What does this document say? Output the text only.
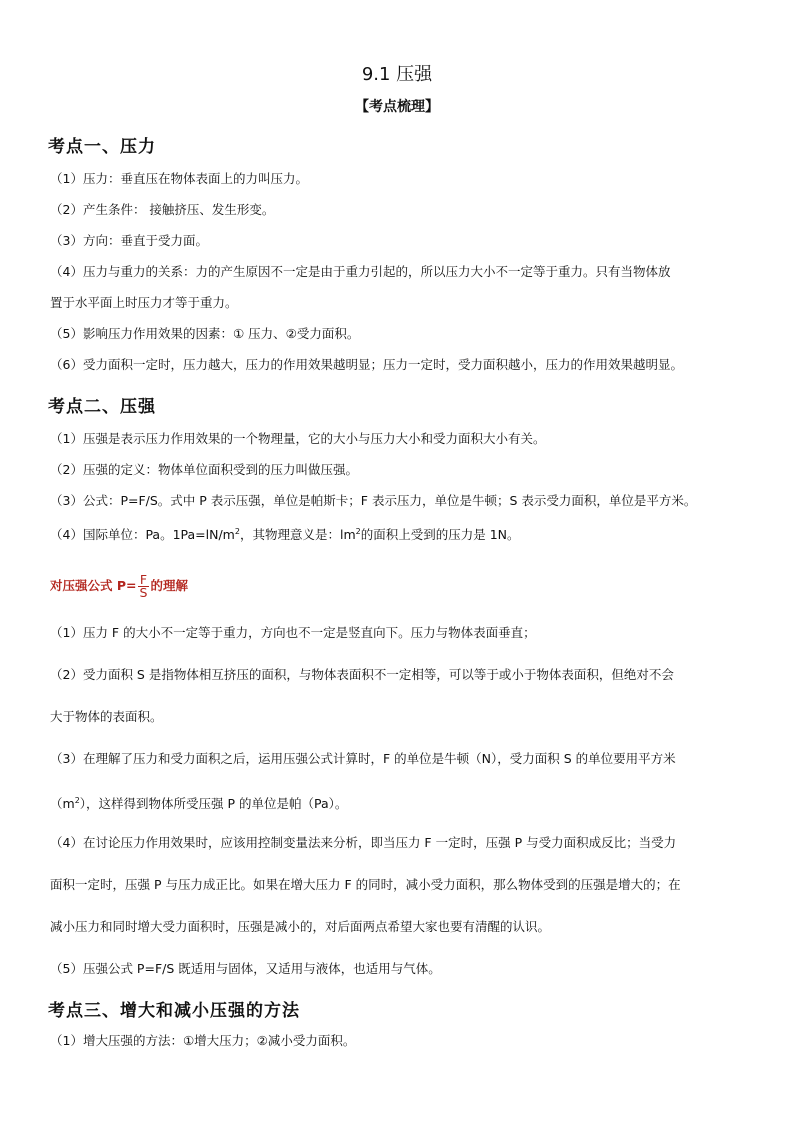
9.1 压强
【考点梳理】
考点一、压力
（1）压力：垂直压在物体表面上的力叫压力。
（2）产生条件： 接触挤压、发生形变。
（3）方向：垂直于受力面。
（4）压力与重力的关系：力的产生原因不一定是由于重力引起的，所以压力大小不一定等于重力。只有当物体放
置于水平面上时压力才等于重力。
（5）影响压力作用效果的因素：① 压力、②受力面积。
（6）受力面积一定时，压力越大，压力的作用效果越明显；压力一定时，受力面积越小，压力的作用效果越明显。
考点二、压强
（1）压强是表示压力作用效果的一个物理量，它的大小与压力大小和受力面积大小有关。
（2）压强的定义：物体单位面积受到的压力叫做压强。
（3）公式：P=F/S。式中 P 表示压强，单位是帕斯卡；F 表示压力，单位是牛顿；S 表示受力面积，单位是平方米。
（4）国际单位：Pa。$1Pa=lN/m^2$，其物理意义是：$lm^2$的面积上受到的压力是 1N。
对压强公式 $P= \frac{F}{S}$ 的理解
（1）压力 F 的大小不一定等于重力，方向也不一定是竖直向下。压力与物体表面垂直；
（2）受力面积 S 是指物体相互挤压的面积，与物体表面积不一定相等，可以等于或小于物体表面积，但绝对不会
大于物体的表面积。
（3）在理解了压力和受力面积之后，运用压强公式计算时，F 的单位是牛顿（N），受力面积 S 的单位要用平方米
$(m^2)$，这样得到物体所受压强 P 的单位是帕（Pa）。
（4）在讨论压力作用效果时，应该用控制变量法来分析，即当压力 F 一定时，压强 P 与受力面积成反比；当受力
面积一定时，压强 P 与压力成正比。如果在增大压力 F 的同时，减小受力面积，那么物体受到的压强是增大的；在
减小压力和同时增大受力面积时，压强是减小的，对后面两点希望大家也要有清醒的认识。
（5）压强公式 P=F/S 既适用与固体，又适用与液体，也适用与气体。
考点三、增大和减小压强的方法
（1）增大压强的方法：①增大压力；②减小受力面积。
